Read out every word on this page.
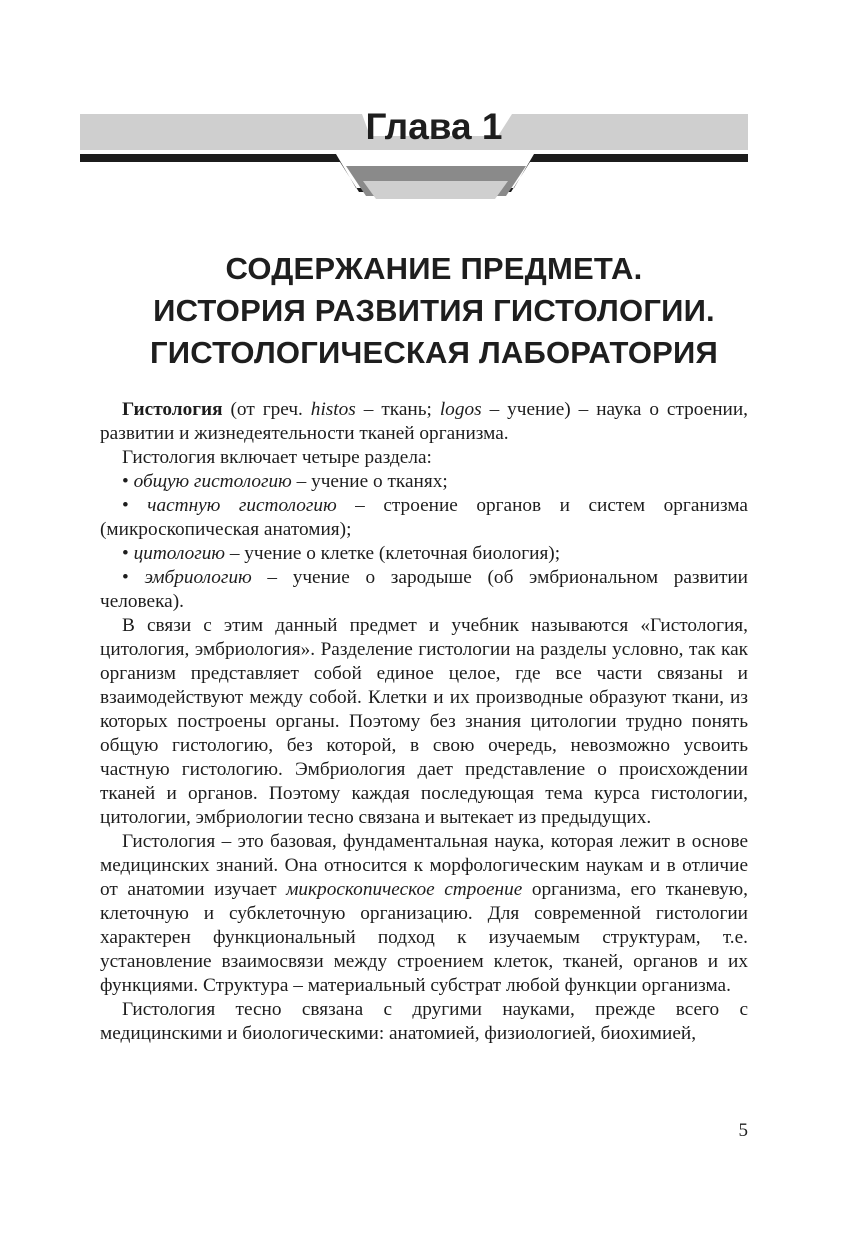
Глава 1
СОДЕРЖАНИЕ ПРЕДМЕТА.
ИСТОРИЯ РАЗВИТИЯ ГИСТОЛОГИИ.
ГИСТОЛОГИЧЕСКАЯ ЛАБОРАТОРИЯ

Гистология (от греч. histos – ткань; logos – учение) – наука о строении, развитии и жизнедеятельности тканей организма.

Гистология включает четыре раздела:

• общую гистологию – учение о тканях;

• частную гистологию – строение органов и систем организма (микроскопическая анатомия);

• цитологию – учение о клетке (клеточная биология);

• эмбриологию – учение о зародыше (об эмбриональном развитии человека).

В связи с этим данный предмет и учебник называются «Гистология, цитология, эмбриология». Разделение гистологии на разделы условно, так как организм представляет собой единое целое, где все части связаны и взаимодействуют между собой. Клетки и их производные образуют ткани, из которых построены органы. Поэтому без знания цитологии трудно понять общую гистологию, без которой, в свою очередь, невозможно усвоить частную гистологию. Эмбриология дает представление о происхождении тканей и органов. Поэтому каждая последующая тема курса гистологии, цитологии, эмбриологии тесно связана и вытекает из предыдущих.

Гистология – это базовая, фундаментальная наука, которая лежит в основе медицинских знаний. Она относится к морфологическим наукам и в отличие от анатомии изучает микроскопическое строение организма, его тканевую, клеточную и субклеточную организацию. Для современной гистологии характерен функциональный подход к изучаемым структурам, т.е. установление взаимосвязи между строением клеток, тканей, органов и их функциями. Структура – материальный субстрат любой функции организма.

Гистология тесно связана с другими науками, прежде всего с медицинскими и биологическими: анатомией, физиологией, биохимией,

5
